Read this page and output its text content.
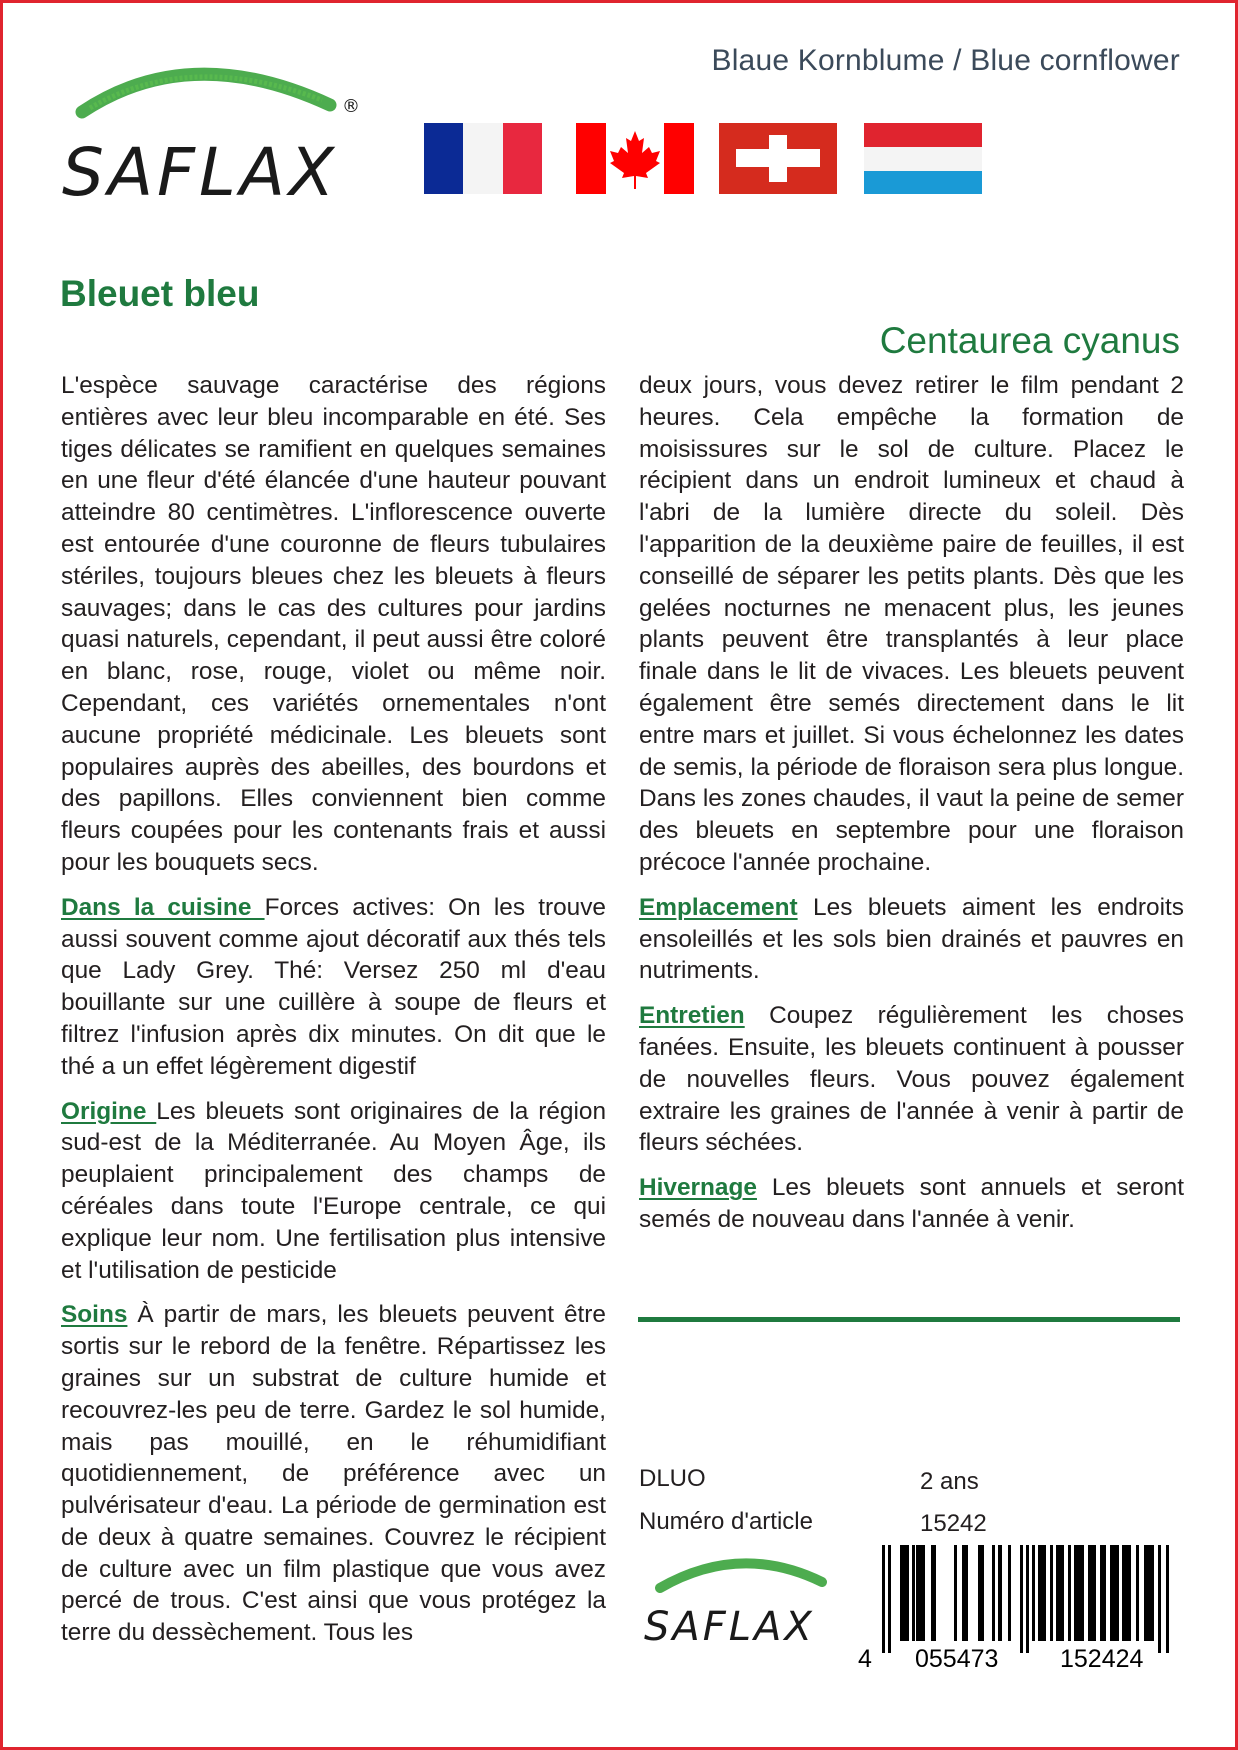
SAFLAX
®
Blaue Kornblume / Blue cornflower
Bleuet bleu
Centaurea cyanus

L'espèce sauvage caractérise des régions entières avec leur bleu incomparable en été. Ses tiges délicates se ramifient en quelques semaines en une fleur d'été élancée d'une hauteur pouvant atteindre 80 centimètres. L'inflorescence ouverte est entourée d'une couronne de fleurs tubulaires stériles, toujours bleues chez les bleuets à fleurs sauvages; dans le cas des cultures pour jardins quasi naturels, cependant, il peut aussi être coloré en blanc, rose, rouge, violet ou même noir. Cependant, ces variétés ornementales n'ont aucune propriété médicinale. Les bleuets sont populaires auprès des abeilles, des bourdons et des papillons. Elles conviennent bien comme fleurs coupées pour les contenants frais et aussi pour les bouquets secs.

Dans la cuisine Forces actives: On les trouve aussi souvent comme ajout décoratif aux thés tels que Lady Grey. Thé: Versez 250 ml d'eau bouillante sur une cuillère à soupe de fleurs et filtrez l'infusion après dix minutes. On dit que le thé a un effet légèrement digestif

Origine Les bleuets sont originaires de la région sud-est de la Méditerranée. Au Moyen Âge, ils peuplaient principalement des champs de céréales dans toute l'Europe centrale, ce qui explique leur nom. Une fertilisation plus intensive et l'utilisation de pesticide

Soins À partir de mars, les bleuets peuvent être sortis sur le rebord de la fenêtre. Répartissez les graines sur un substrat de culture humide et recouvrez-les peu de terre. Gardez le sol humide, mais pas mouillé, en le réhumidifiant quotidiennement, de préférence avec un pulvérisateur d'eau. La période de germination est de deux à quatre semaines. Couvrez le récipient de culture avec un film plastique que vous avez percé de trous. C'est ainsi que vous protégez la terre du dessèchement. Tous les

deux jours, vous devez retirer le film pendant 2 heures. Cela empêche la formation de moisissures sur le sol de culture. Placez le récipient dans un endroit lumineux et chaud à l'abri de la lumière directe du soleil. Dès l'apparition de la deuxième paire de feuilles, il est conseillé de séparer les petits plants. Dès que les gelées nocturnes ne menacent plus, les jeunes plants peuvent être transplantés à leur place finale dans le lit de vivaces. Les bleuets peuvent également être semés directement dans le lit entre mars et juillet. Si vous échelonnez les dates de semis, la période de floraison sera plus longue. Dans les zones chaudes, il vaut la peine de semer des bleuets en septembre pour une floraison précoce l'année prochaine.

Emplacement Les bleuets aiment les endroits ensoleillés et les sols bien drainés et pauvres en nutriments.

Entretien Coupez régulièrement les choses fanées. Ensuite, les bleuets continuent à pousser de nouvelles fleurs. Vous pouvez également extraire les graines de l'année à venir à partir de fleurs séchées.

Hivernage Les bleuets sont annuels et seront semés de nouveau dans l'année à venir.

DLUO	2 ans
Numéro d'article	15242
SAFLAX
4 055473 152424
